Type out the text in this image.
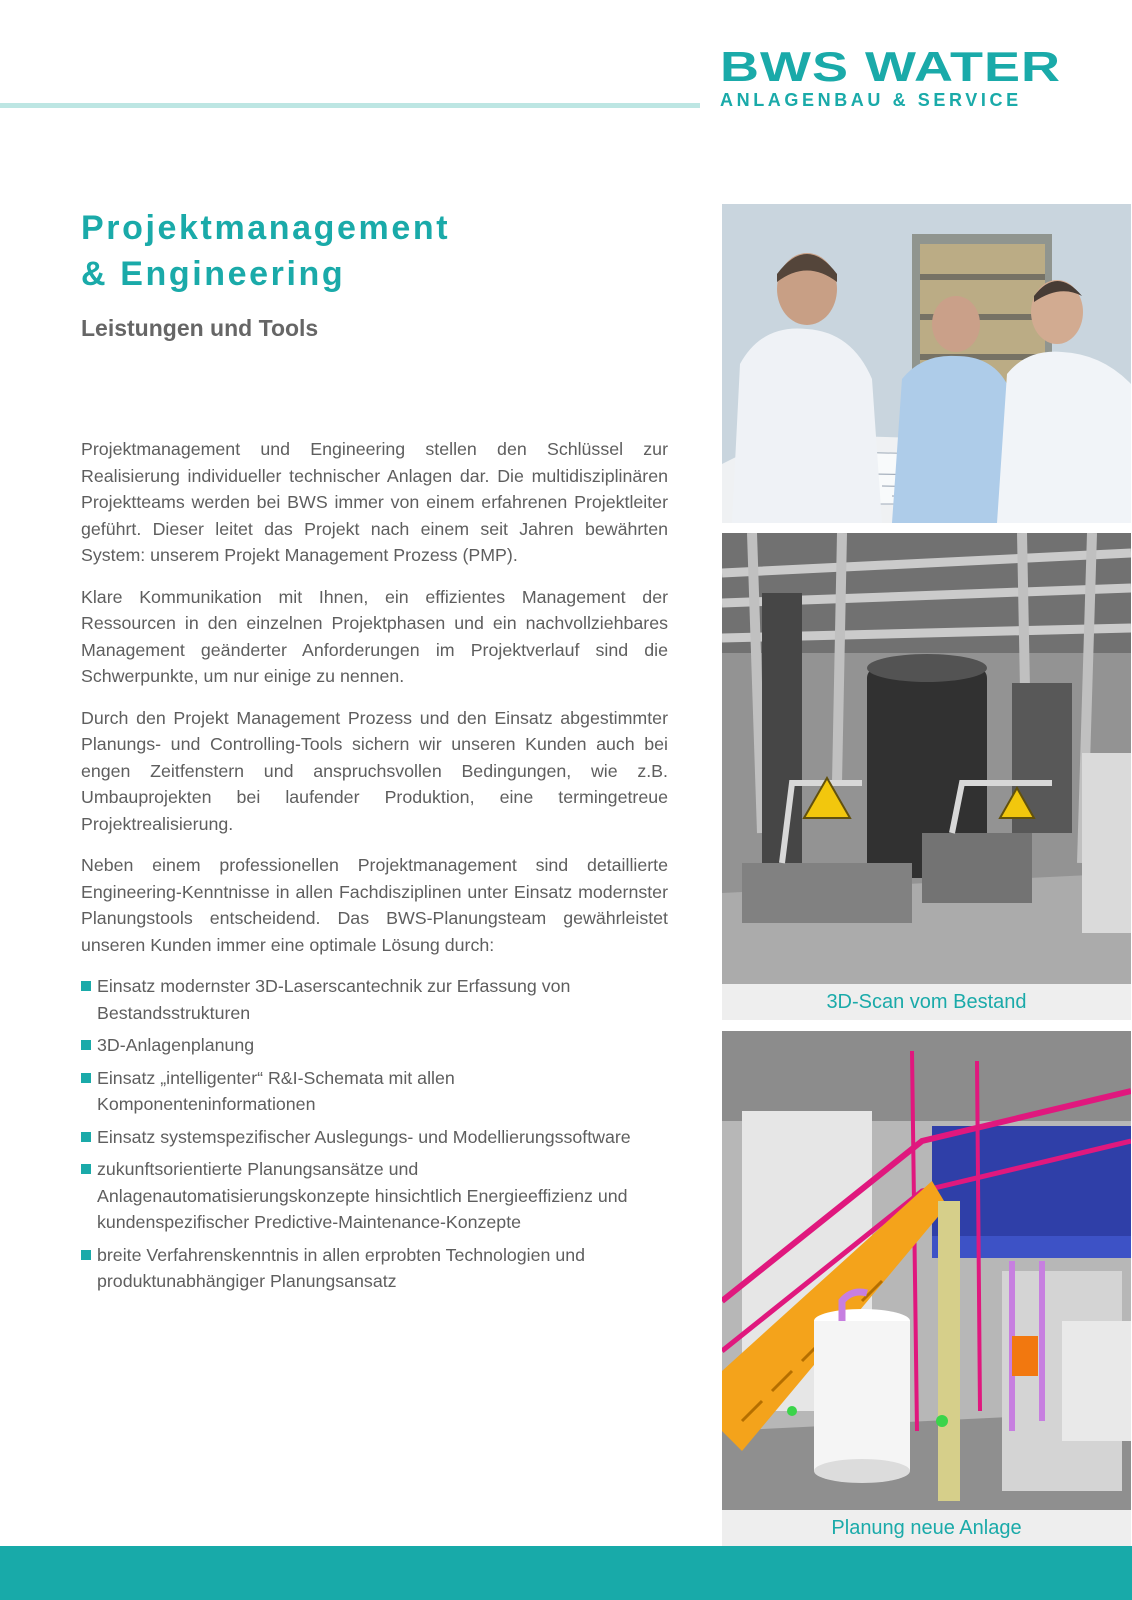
BWS WATER
ANLAGENBAU & SERVICE
Projektmanagement
& Engineering
Leistungen und Tools

Projektmanagement und Engineering stellen den Schlüssel zur Realisierung individueller technischer Anlagen dar. Die multidisziplinären Projektteams werden bei BWS immer von einem erfahrenen Projektleiter geführt. Dieser leitet das Projekt nach einem seit Jahren bewährten System: unserem Projekt Management Prozess (PMP).

Klare Kommunikation mit Ihnen, ein effizientes Management der Ressourcen in den einzelnen Projektphasen und ein nachvollziehbares Management geänderter Anforderungen im Projektverlauf sind die Schwerpunkte, um nur einige zu nennen.

Durch den Projekt Management Prozess und den Einsatz abgestimmter Planungs- und Controlling-Tools sichern wir unseren Kunden auch bei engen Zeitfenstern und anspruchsvollen Bedingungen, wie z.B. Umbauprojekten bei laufender Produktion, eine termingetreue Projektrealisierung.

Neben einem professionellen Projektmanagement sind detaillierte Engineering-Kenntnisse in allen Fachdisziplinen unter Einsatz modernster Planungstools entscheidend. Das BWS-Planungsteam gewährleistet unseren Kunden immer eine optimale Lösung durch:

Einsatz modernster 3D-Laserscantechnik zur Erfassung von Bestandsstrukturen
3D-Anlagenplanung
Einsatz „intelligenter“ R&I-Schemata mit allen Komponenteninformationen
Einsatz systemspezifischer Auslegungs- und Modellierungssoftware
zukunftsorientierte Planungsansätze und Anlagenautomatisierungskonzepte hinsichtlich Energieeffizienz und kundenspezifischer Predictive-Maintenance-Konzepte
breite Verfahrenskenntnis in allen erprobten Technologien und produktunabhängiger Planungsansatz
3D-Scan vom Bestand
Planung neue Anlage
